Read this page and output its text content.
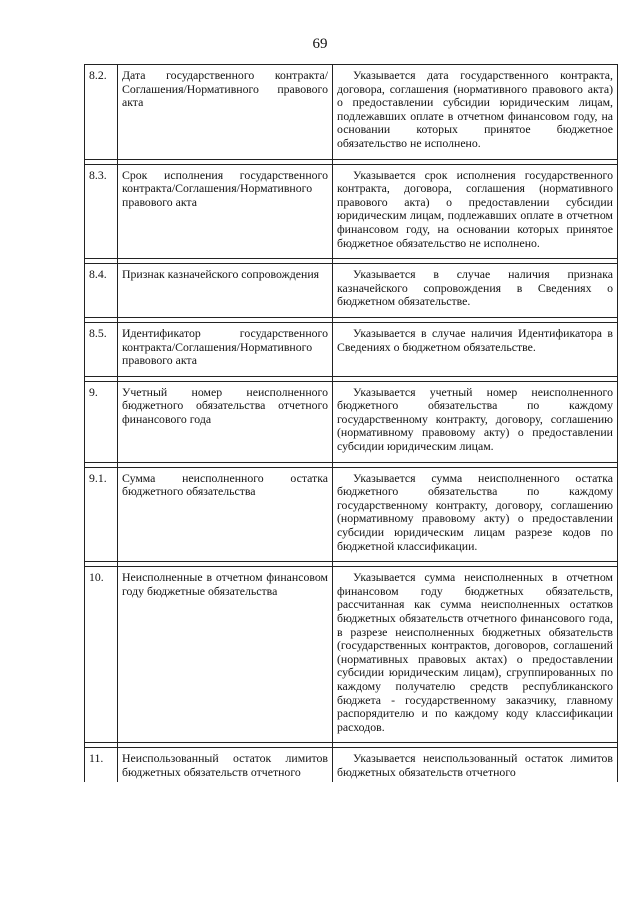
69
8.2.	Дата государственного контракта/Соглашения/Нормативного правового акта	Указывается дата государственного контракта, договора, соглашения (нормативного правового акта) о предоставлении субсидии юридическим лицам, подлежавших оплате в отчетном финансовом году, на основании которых принятое бюджетное обязательство не исполнено.

8.3.	Срок исполнения государственного контракта/Соглашения/Нормативного правового акта	Указывается срок исполнения государственного контракта, договора, соглашения (нормативного правового акта) о предоставлении субсидии юридическим лицам, подлежавших оплате в отчетном финансовом году, на основании которых принятое бюджетное обязательство не исполнено.

8.4.	Признак казначейского сопровождения	Указывается в случае наличия признака казначейского сопровождения в Сведениях о бюджетном обязательстве.

8.5.	Идентификатор государственного контракта/Соглашения/Нормативного правового акта	Указывается в случае наличия Идентификатора в Сведениях о бюджетном обязательстве.

9.	Учетный номер неисполненного бюджетного обязательства отчетного финансового года	Указывается учетный номер неисполненного бюджетного обязательства по каждому государственному контракту, договору, соглашению (нормативному правовому акту) о предоставлении субсидии юридическим лицам.

9.1.	Сумма неисполненного остатка бюджетного обязательства	Указывается сумма неисполненного остатка бюджетного обязательства по каждому государственному контракту, договору, соглашению (нормативному правовому акту) о предоставлении субсидии юридическим лицам разрезе кодов по бюджетной классификации.

10.	Неисполненные в отчетном финансовом году бюджетные обязательства	Указывается сумма неисполненных в отчетном финансовом году бюджетных обязательств, рассчитанная как сумма неисполненных остатков бюджетных обязательств отчетного финансового года, в разрезе неисполненных бюджетных обязательств (государственных контрактов, договоров, соглашений (нормативных правовых актах) о предоставлении субсидии юридическим лицам), сгруппированных по каждому получателю средств республиканского бюджета - государственному заказчику, главному распорядителю и по каждому коду классификации расходов.

11.	Неиспользованный остаток лимитов бюджетных обязательств отчетного	Указывается неиспользованный остаток лимитов бюджетных обязательств отчетного
